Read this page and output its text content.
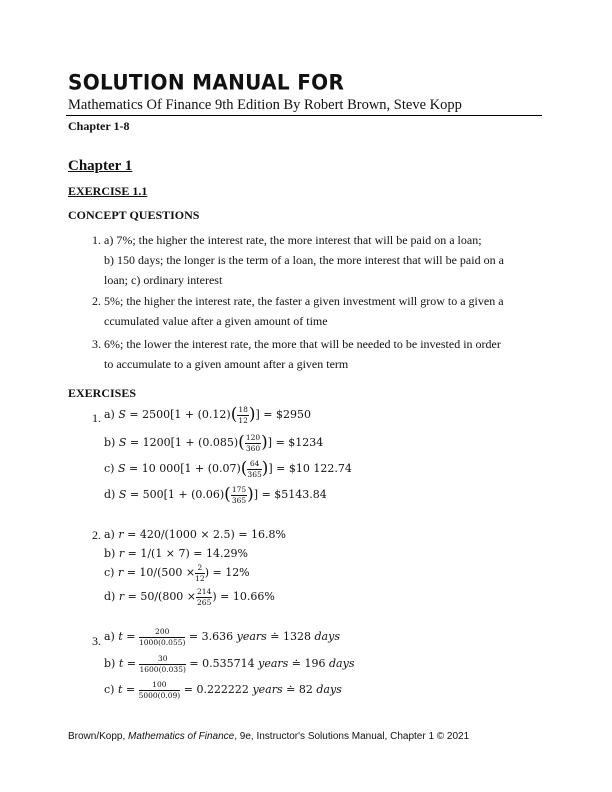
SOLUTION MANUAL FOR
Mathematics Of Finance 9th Edition By Robert Brown, Steve Kopp
Chapter 1-8
Chapter 1
EXERCISE 1.1
CONCEPT QUESTIONS
1. a) 7%; the higher the interest rate, the more interest that will be paid on a loan;
b) 150 days; the longer is the term of a loan, the more interest that will be paid on a
loan; c) ordinary interest
2. 5%; the higher the interest rate, the faster a given investment will grow to a given a
ccumulated value after a given amount of time
3. 6%; the lower the interest rate, the more that will be needed to be invested in order
to accumulate to a given amount after a given term
EXERCISES
1. a) $S = 2500[1 + (0.12)( \frac{18}{12}$ )] = $2950
b) $S = 1200[1 + (0.085)( \frac{120}{360}$ )] = $1234
c) S = 10 $000[1 + (0.07)( \frac{64}{365}$ )] = $10 122.74
d) $S = 500[1 + (0.06)( \frac{175}{365}$ )] = $5143.84
2. a) r = 420/(1000 × 2.5) = 16.8%
b) r = 1/(1 × 7) = 14.29%
c) $r = 10/(500 \times \frac{2}{12}$ ) = 12%
d) $r = 50/(800 \times \frac{214}{265}$ ) = 10.66%
3. a) $t = \frac{200}{1000(0.055)} = 3.636$ years ≐ 1328 days
b) $t = \frac{30}{1600(0.035)} = 0.535714$ years ≐ 196 days
c) $t = \frac{100}{5000(0.09)} = 0.222222$ years ≐ 82 days
Brown/Kopp, Mathematics of Finance, 9e, Instructor's Solutions Manual, Chapter 1 © 2021
